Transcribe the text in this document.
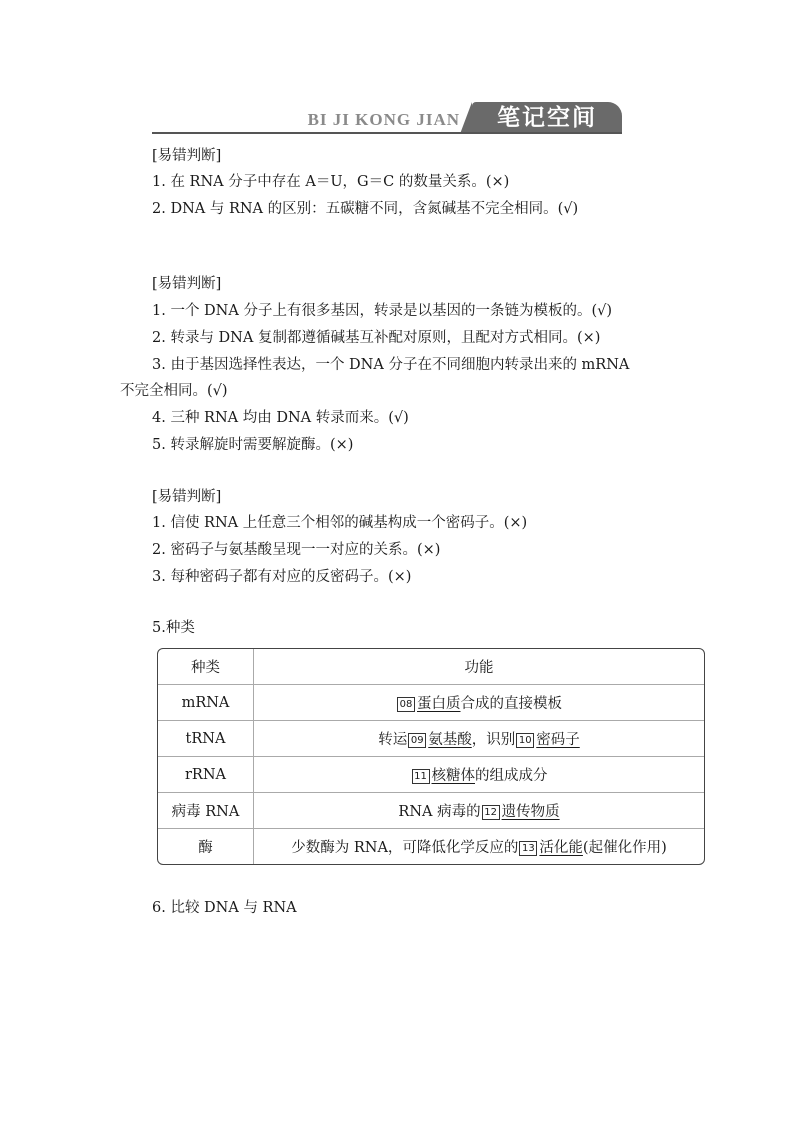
BI JI KONG JIAN	笔记空间
[易错判断]
1. 在 RNA 分子中存在 A＝U，G＝C 的数量关系。(×)
2. DNA 与 RNA 的区别：五碳糖不同，含氮碱基不完全相同。(√)
[易错判断]
1. 一个 DNA 分子上有很多基因，转录是以基因的一条链为模板的。(√)
2. 转录与 DNA 复制都遵循碱基互补配对原则，且配对方式相同。(×)
3. 由于基因选择性表达，一个 DNA 分子在不同细胞内转录出来的 mRNA
不完全相同。(√)
4. 三种 RNA 均由 DNA 转录而来。(√)
5. 转录解旋时需要解旋酶。(×)
[易错判断]
1. 信使 RNA 上任意三个相邻的碱基构成一个密码子。(×)
2. 密码子与氨基酸呈现一一对应的关系。(×)
3. 每种密码子都有对应的反密码子。(×)
5.种类
种类	功能
mRNA	08 蛋白质合成的直接模板
tRNA	转运 09 氨基酸，识别 10 密码子
rRNA	11 核糖体的组成成分
病毒 RNA	RNA 病毒的 12 遗传物质
酶	少数酶为 RNA，可降低化学反应的 13 活化能(起催化作用)
6. 比较 DNA 与 RNA
